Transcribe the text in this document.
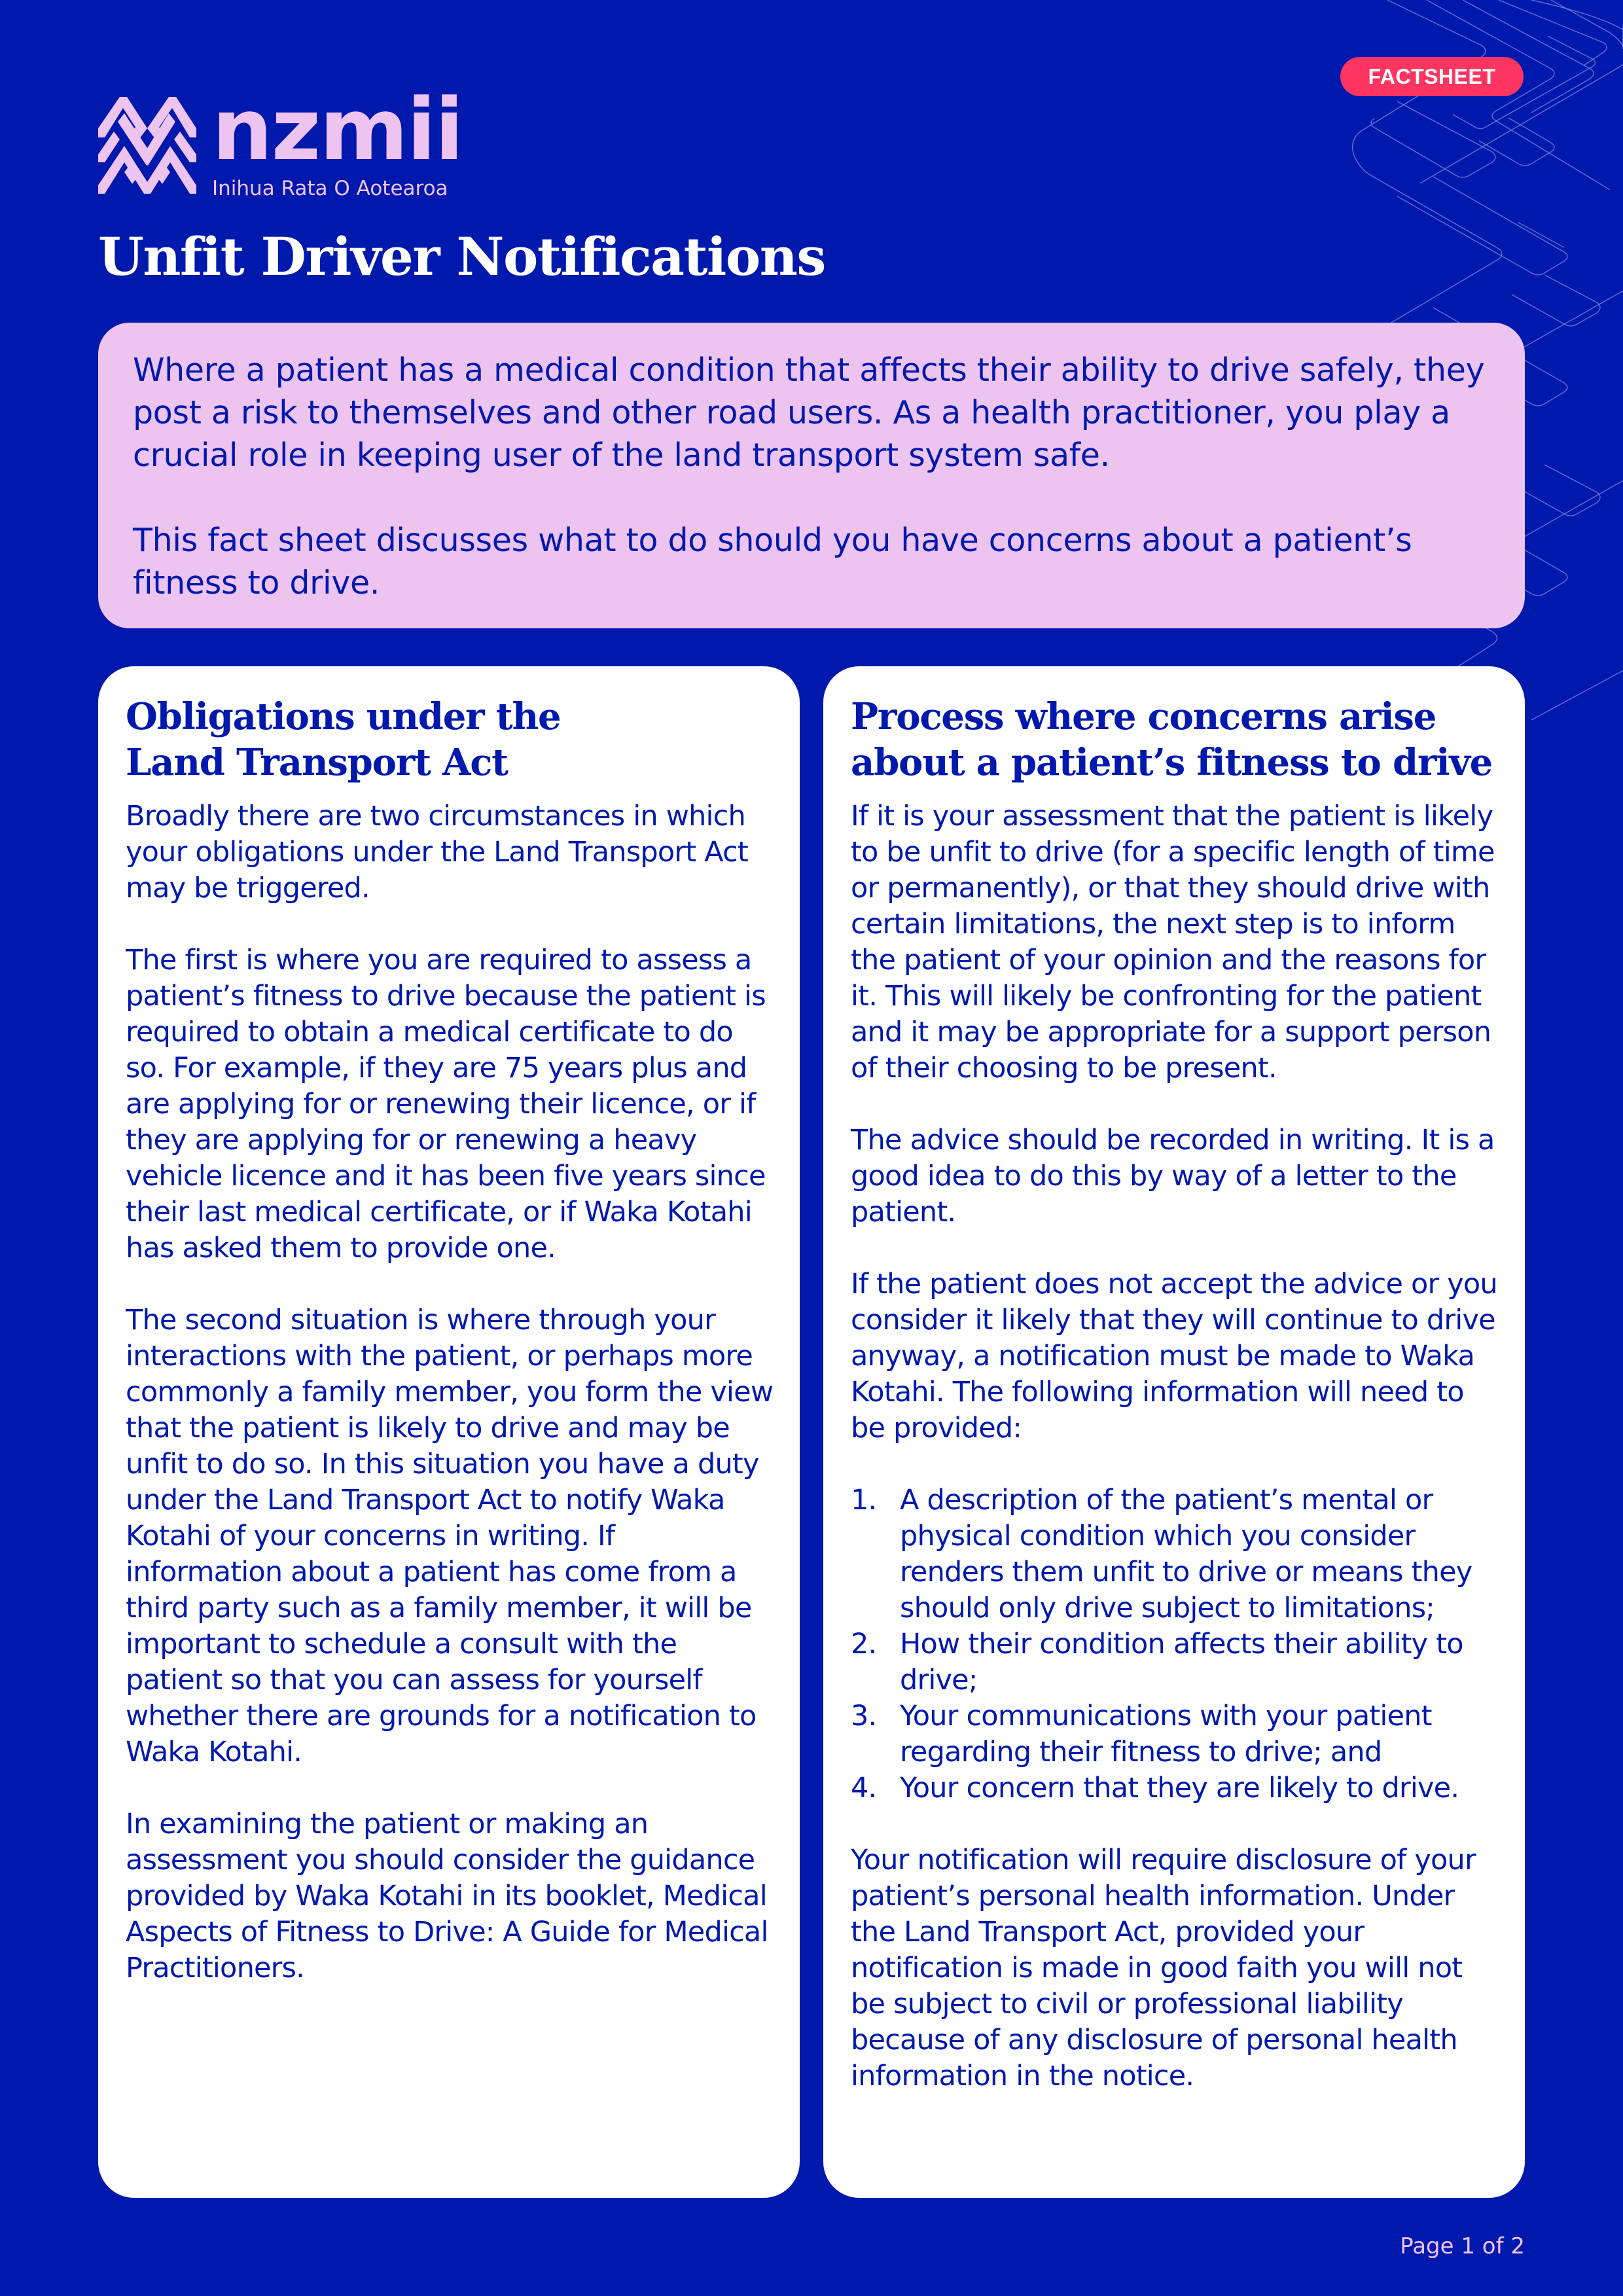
nzmii
Inihua Rata O Aotearoa
FACTSHEET
Unfit Driver Notifications

Where a patient has a medical condition that affects their ability to drive safely, they post a risk to themselves and other road users. As a health practitioner, you play a crucial role in keeping user of the land transport system safe.

This fact sheet discusses what to do should you have concerns about a patient’s fitness to drive.

Obligations under the
Land Transport Act

Broadly there are two circumstances in which your obligations under the Land Transport Act may be triggered.

The first is where you are required to assess a patient’s fitness to drive because the patient is required to obtain a medical certificate to do so. For example, if they are 75 years plus and are applying for or renewing their licence, or if they are applying for or renewing a heavy vehicle licence and it has been five years since their last medical certificate, or if Waka Kotahi has asked them to provide one.

The second situation is where through your interactions with the patient, or perhaps more commonly a family member, you form the view that the patient is likely to drive and may be unfit to do so. In this situation you have a duty under the Land Transport Act to notify Waka Kotahi of your concerns in writing. If information about a patient has come from a third party such as a family member, it will be important to schedule a consult with the patient so that you can assess for yourself whether there are grounds for a notification to Waka Kotahi.

In examining the patient or making an assessment you should consider the guidance provided by Waka Kotahi in its booklet, Medical Aspects of Fitness to Drive: A Guide for Medical Practitioners.

Process where concerns arise
about a patient’s fitness to drive

If it is your assessment that the patient is likely to be unfit to drive (for a specific length of time or permanently), or that they should drive with certain limitations, the next step is to inform the patient of your opinion and the reasons for it. This will likely be confronting for the patient and it may be appropriate for a support person of their choosing to be present.

The advice should be recorded in writing. It is a good idea to do this by way of a letter to the patient.

If the patient does not accept the advice or you consider it likely that they will continue to drive anyway, a notification must be made to Waka Kotahi. The following information will need to be provided:

1. A description of the patient’s mental or physical condition which you consider renders them unfit to drive or means they should only drive subject to limitations;
2. How their condition affects their ability to drive;
3. Your communications with your patient regarding their fitness to drive; and
4. Your concern that they are likely to drive.

Your notification will require disclosure of your patient’s personal health information. Under the Land Transport Act, provided your notification is made in good faith you will not be subject to civil or professional liability because of any disclosure of personal health information in the notice.

Page 1 of 2
